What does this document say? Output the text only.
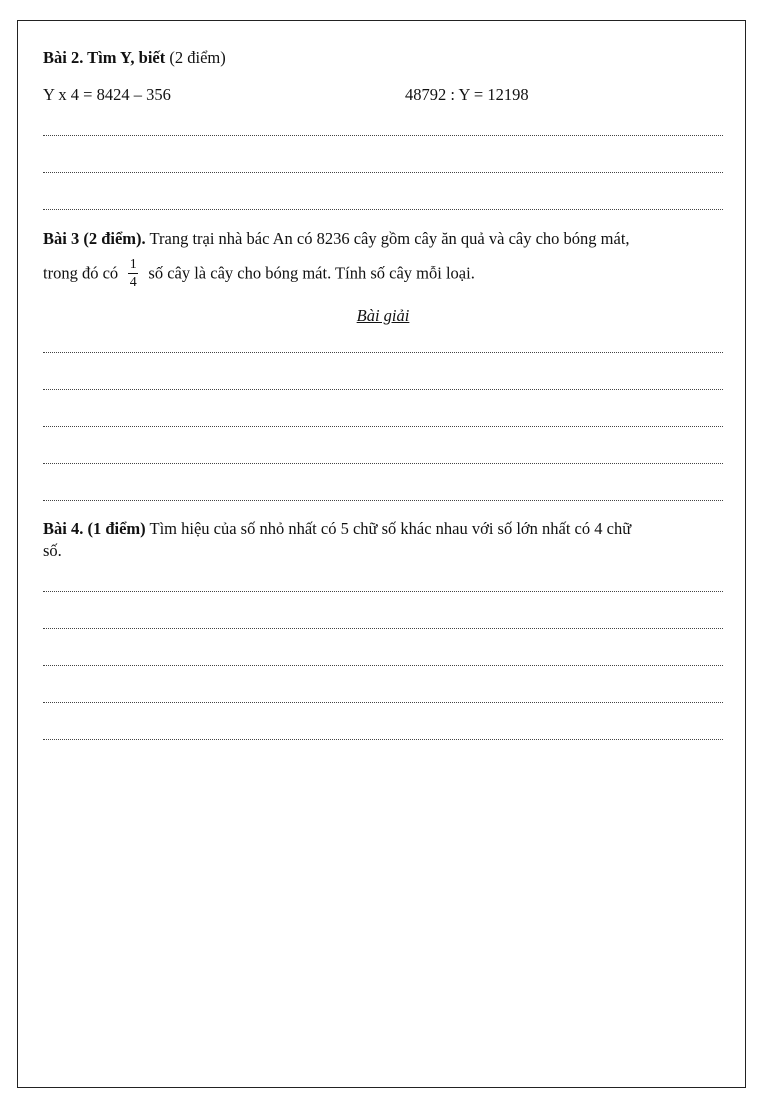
Bài 2. Tìm Y, biết (2 điểm)
Y x 4 = 8424 – 356	48792 : Y = 12198
Bài 3 (2 điểm). Trang trại nhà bác An có 8236 cây gồm cây ăn quả và cây cho bóng mát,
trong đó có $\frac{1}{4}$ số cây là cây cho bóng mát. Tính số cây mỗi loại.
Bài giải
Bài 4. (1 điểm) Tìm hiệu của số nhỏ nhất có 5 chữ số khác nhau với số lớn nhất có 4 chữ
số.
